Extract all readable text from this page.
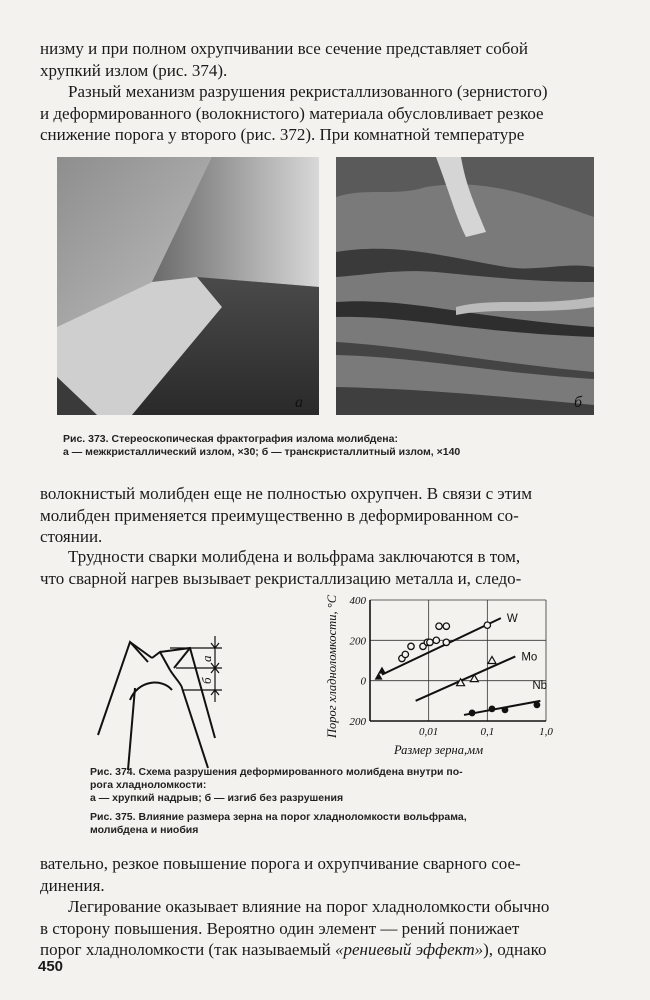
низму и при полном охрупчивании все сечение представляет собой
хрупкий излом (рис. 374).
Разный механизм разрушения рекристаллизованного (зернистого)
и деформированного (волокнистого) материала обусловливает резкое
снижение порога у второго (рис. 372). При комнатной температуре
а	б
Рис. 373. Стереоскопическая фрактография излома молибдена:
а — межкристаллический излом, ×30; б — транскристаллитный излом, ×140
волокнистый молибден еще не полностью охрупчен. В связи с этим
молибден применяется преимущественно в деформированном со-
стоянии.
Трудности сварки молибдена и вольфрама заключаются в том,
что сварной нагрев вызывает рекристаллизацию металла и, следо-
а
б	Порог хладноломкости, °С
Размер зерна,мм
400
200
0
200
0,01	0,1	1,0
W
Mo
Nb
Рис. 374. Схема разрушения деформированного молибдена внутри по-
рога хладноломкости:
а — хрупкий надрыв; б — изгиб без разрушения
Рис. 375. Влияние размера зерна на порог хладноломкости вольфрама,
молибдена и ниобия
вательно, резкое повышение порога и охрупчивание сварного сое-
динения.
Легирование оказывает влияние на порог хладноломкости обычно
в сторону повышения. Вероятно один элемент — рений понижает
порог хладноломкости (так называемый «рениевый эффект»), однако
450
